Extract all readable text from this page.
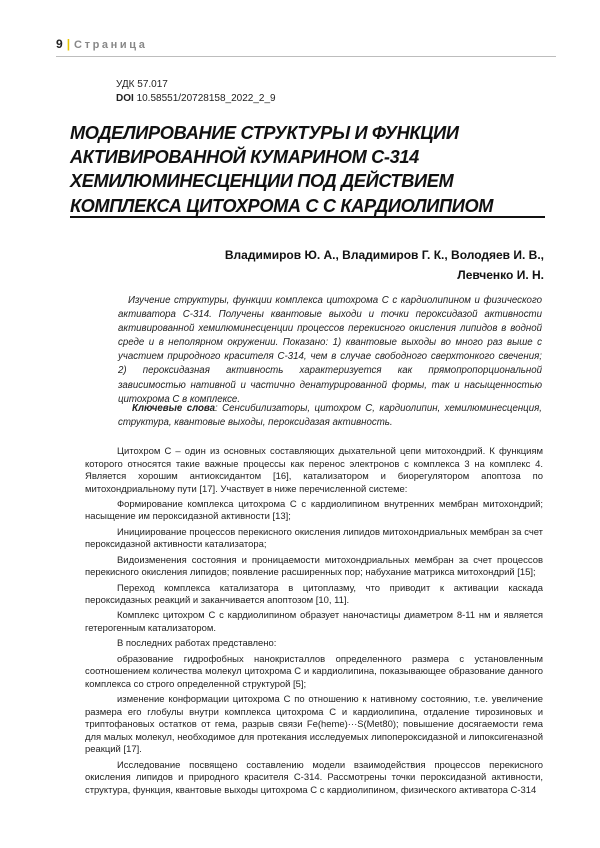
9 | Страница
УДК 57.017
DOI 10.58551/20728158_2022_2_9
МОДЕЛИРОВАНИЕ СТРУКТУРЫ И ФУНКЦИИ
АКТИВИРОВАННОЙ КУМАРИНОМ С-314
ХЕМИЛЮМИНЕСЦЕНЦИИ ПОД ДЕЙСТВИЕМ
КОМПЛЕКСА ЦИТОХРОМА С С КАРДИОЛИПИОМ
Владимиров Ю. А., Владимиров Г. К., Володяев И. В.,
Левченко И. Н.

Изучение структуры, функции комплекса цитохрома С с кардиолипином и физического активатора С-314. Получены квантовые выходи и точки пероксидазой активности активированной хемилюминесценции процессов перекисного окисления липидов в водной среде и в неполярном окружении. Показано: 1) квантовые выходы во много раз выше с участием природного красителя С-314, чем в случае свободного сверхтонкого свечения; 2) пероксидазная активность характеризуется как прямопропорциональной зависимостью нативной и частично денатурированной формы, так и насыщенностью цитохрома С в комплексе.

Ключевые слова: Сенсибилизаторы, цитохром С, кардиолипин, хемилюминесценция, структура, квантовые выходы, пероксидазая активность.

Цитохром С – один из основных составляющих дыхательной цепи митохондрий. К функциям которого относятся такие важные процессы как перенос электронов с комплекса 3 на комплекс 4. Является хорошим антиоксидантом [16], катализатором и биорегулятором апоптоза по митохондриальному пути [17]. Участвует в ниже перечисленной системе:

Формирование комплекса цитохрома С с кардиолипином внутренних мембран митохондрий; насыщение им пероксидазной активности [13];

Инициирование процессов перекисного окисления липидов митохондриальных мембран за счет пероксидазной активности катализатора;

Видоизменения состояния и проницаемости митохондриальных мембран за счет процессов перекисного окисления липидов; появление расширенных пор; набухание матрикса митохондрий [15];

Переход комплекса катализатора в цитоплазму, что приводит к активации каскада пероксидазных реакций и заканчивается апоптозом [10, 11].

Комплекс цитохром С с кардиолипином образует наночастицы диаметром 8-11 нм и является гетерогенным катализатором.

В последних работах представлено:

образование гидрофобных нанокристаллов определенного размера с установленным соотношением количества молекул цитохрома С и кардиолипина, показывающее образование данного комплекса со строго определенной структурой [5];

изменение конформации цитохрома С по отношению к нативному состоянию, т.е. увеличение размера его глобулы внутри комплекса цитохрома С и кардиолипина, отдаление тирозиновых и триптофановых остатков от гема, разрыв связи Fe(heme)···S(Met80); повышение досягаемости гема для малых молекул, необходимое для протекания исследуемых липопероксидазной и липоксигеназной реакций [17].

Исследование посвящено составлению модели взаимодействия процессов перекисного окисления липидов и природного красителя С-314. Рассмотрены точки пероксидазной активности, структура, функция, квантовые выходы цитохрома С с кардиолипином, физического активатора С-314
